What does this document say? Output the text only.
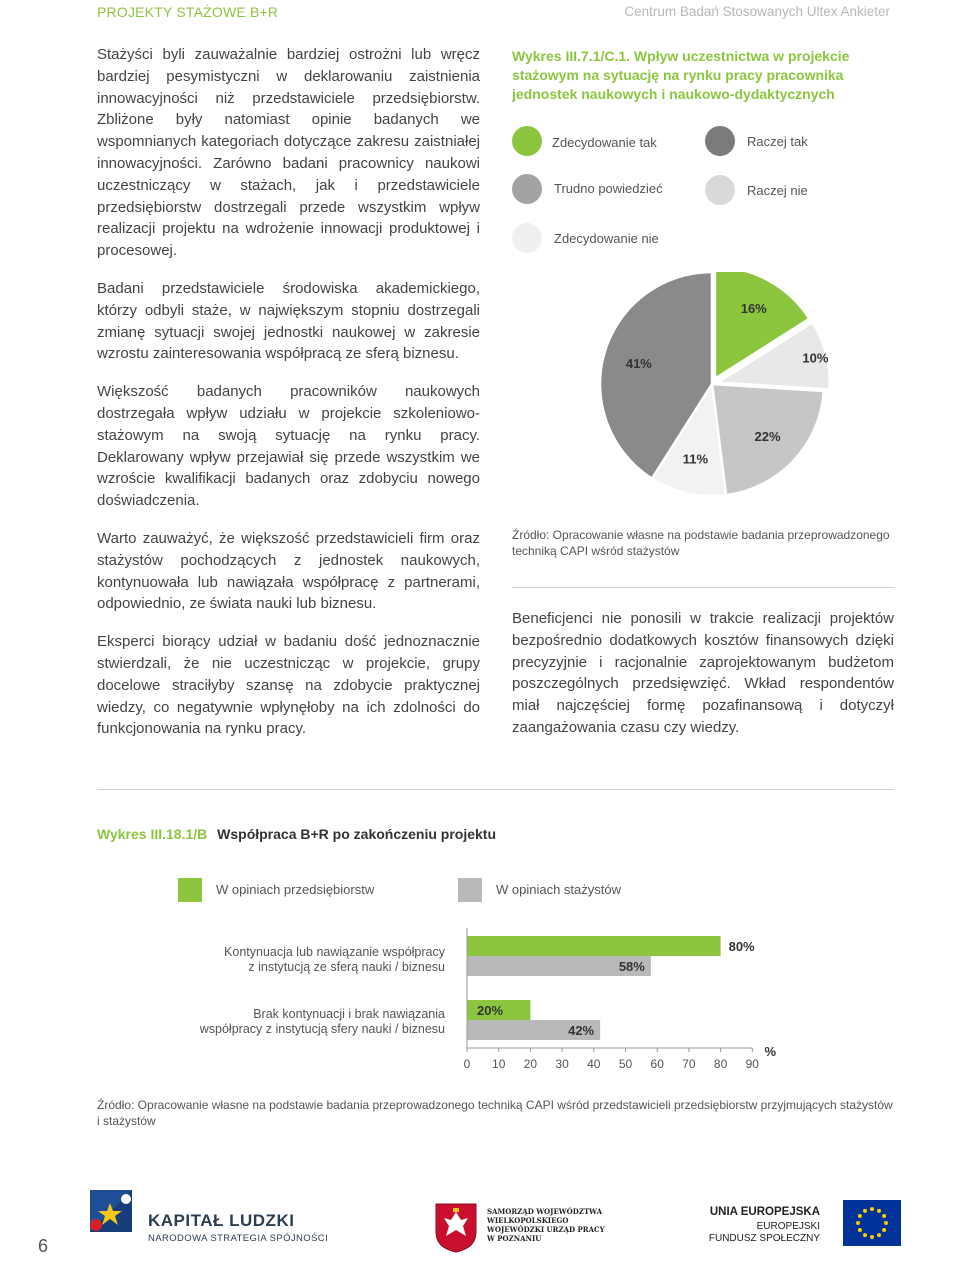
PROJEKTY STAŻOWE B+R	Centrum Badań Stosowanych Ultex Ankieter

Stażyści byli zauważalnie bardziej ostrożni lub wręcz bardziej pesymistyczni w deklarowaniu zaistnienia innowacyjności niż przedstawiciele przedsiębiorstw. Zbliżone były natomiast opinie badanych we wspomnianych kategoriach dotyczące zakresu zaistniałej innowacyjności. Zarówno badani pracownicy naukowi uczestniczący w stażach, jak i przedstawiciele przedsiębiorstw dostrzegali przede wszystkim wpływ realizacji projektu na wdrożenie innowacji produktowej i procesowej.

Badani przedstawiciele środowiska akademickiego, którzy odbyli staże, w największym stopniu dostrzegali zmianę sytuacji swojej jednostki naukowej w zakresie wzrostu zainteresowania współpracą ze sferą biznesu.

Większość badanych pracowników naukowych dostrzegała wpływ udziału w projekcie szkoleniowo-stażowym na swoją sytuację na rynku pracy. Deklarowany wpływ przejawiał się przede wszystkim we wzroście kwalifikacji badanych oraz zdobyciu nowego doświadczenia.

Warto zauważyć, że większość przedstawicieli firm oraz stażystów pochodzących z jednostek naukowych, kontynuowała lub nawiązała współpracę z partnerami, odpowiednio, ze świata nauki lub biznesu.

Eksperci biorący udział w badaniu dość jednoznacznie stwierdzali, że nie uczestnicząc w projekcie, grupy docelowe straciłyby szansę na zdobycie praktycznej wiedzy, co negatywnie wpłynęłoby na ich zdolności do funkcjonowania na rynku pracy.

Wykres III.7.1/C.1. Wpływ uczestnictwa w projekcie stażowym na sytuację na rynku pracy pracownika jednostek naukowych i naukowo-dydaktycznych
Zdecydowanie tak	Raczej tak
Trudno powiedzieć	Raczej nie
Zdecydowanie nie
16%
10%
22%
11%
41%
Źródło: Opracowanie własne na podstawie badania przeprowadzonego techniką CAPI wśród stażystów

Beneficjenci nie ponosili w trakcie realizacji projektów bezpośrednio dodatkowych kosztów finansowych dzięki precyzyjnie i racjonalnie zaprojektowanym budżetom poszczególnych przedsięwzięć. Wkład respondentów miał najczęściej formę pozafinansową i dotyczył zaangażowania czasu czy wiedzy.

Wykres III.18.1/B Współpraca B+R po zakończeniu projektu
W opiniach przedsiębiorstw	W opiniach stażystów
Kontynuacja lub nawiązanie współpracy
z instytucją ze sferą nauki / biznesu
Brak kontynuacji i brak nawiązania
współpracy z instytucją sfery nauki / biznesu
80%
58%
20%
42%
0 10 20 30 40 50 60 70 80 90
%
Źródło: Opracowanie własne na podstawie badania przeprowadzonego techniką CAPI wśród przedstawicieli przedsiębiorstw przyjmujących stażystów i stażystów
KAPITAŁ LUDZKI
NARODOWA STRATEGIA SPÓJNOŚCI
SAMORZĄD WOJEWÓDZTWA
WIELKOPOLSKIEGO
WOJEWÓDZKI URZĄD PRACY
W POZNANIU
UNIA EUROPEJSKA
EUROPEJSKI
FUNDUSZ SPOŁECZNY
6
